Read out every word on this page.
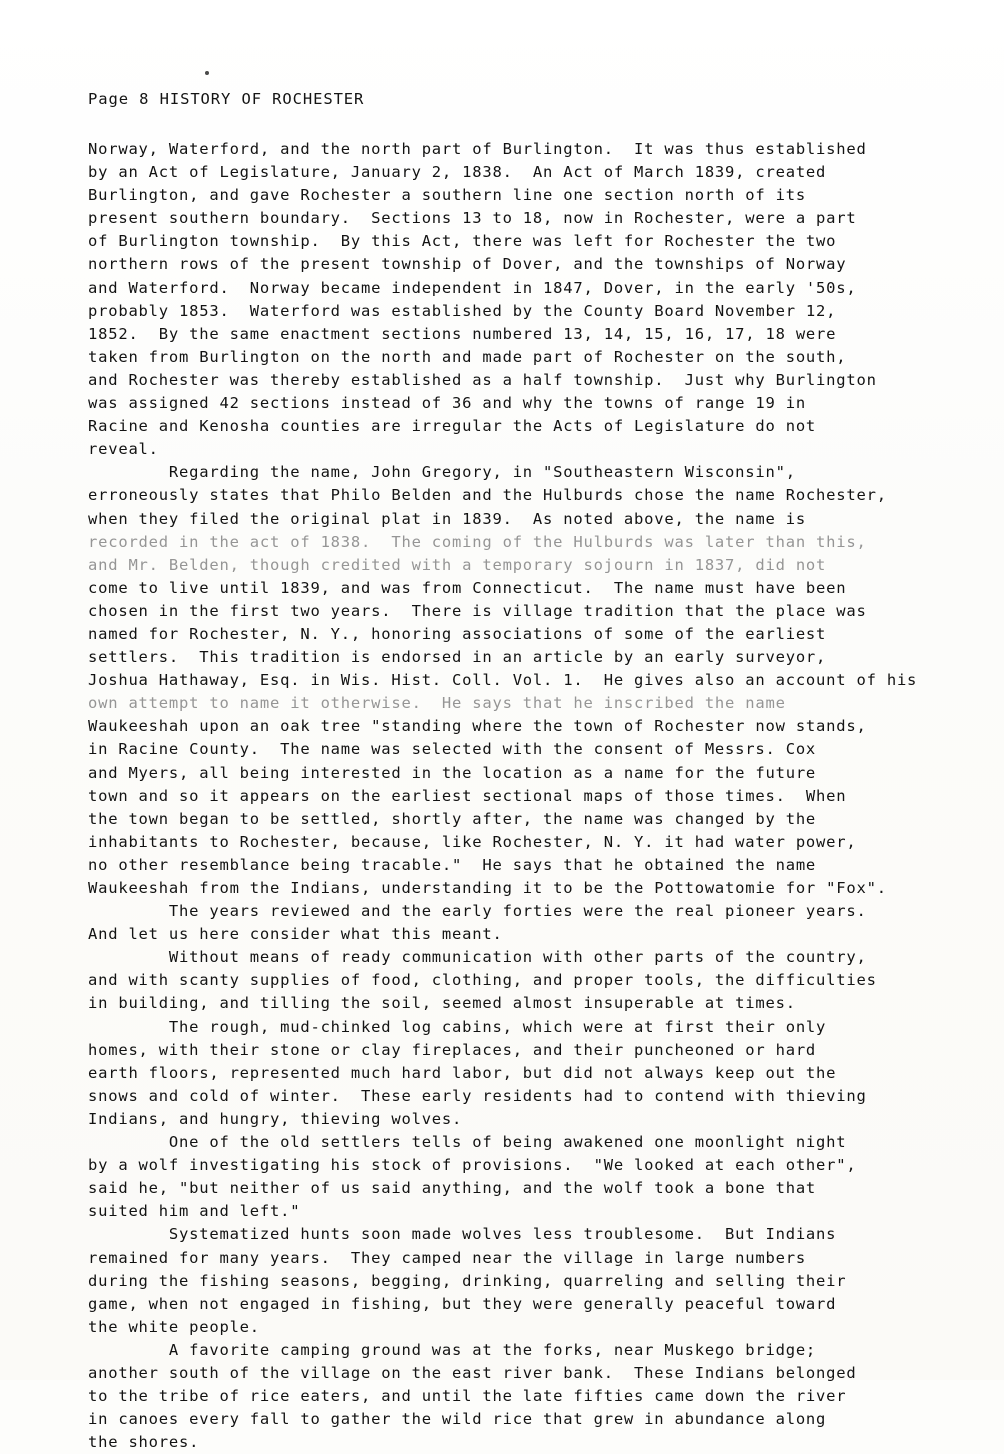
Page 8 HISTORY OF ROCHESTER
Norway, Waterford, and the north part of Burlington.  It was thus established
by an Act of Legislature, January 2, 1838.  An Act of March 1839, created
Burlington, and gave Rochester a southern line one section north of its
present southern boundary.  Sections 13 to 18, now in Rochester, were a part
of Burlington township.  By this Act, there was left for Rochester the two
northern rows of the present township of Dover, and the townships of Norway
and Waterford.  Norway became independent in 1847, Dover, in the early '50s,
probably 1853.  Waterford was established by the County Board November 12,
1852.  By the same enactment sections numbered 13, 14, 15, 16, 17, 18 were
taken from Burlington on the north and made part of Rochester on the south,
and Rochester was thereby established as a half township.  Just why Burlington
was assigned 42 sections instead of 36 and why the towns of range 19 in
Racine and Kenosha counties are irregular the Acts of Legislature do not
reveal.
Regarding the name, John Gregory, in "Southeastern Wisconsin",
erroneously states that Philo Belden and the Hulburds chose the name Rochester,
when they filed the original plat in 1839.  As noted above, the name is
recorded in the act of 1838.  The coming of the Hulburds was later than this,
and Mr. Belden, though credited with a temporary sojourn in 1837, did not
come to live until 1839, and was from Connecticut.  The name must have been
chosen in the first two years.  There is village tradition that the place was
named for Rochester, N. Y., honoring associations of some of the earliest
settlers.  This tradition is endorsed in an article by an early surveyor,
Joshua Hathaway, Esq. in Wis. Hist. Coll. Vol. 1.  He gives also an account of his
own attempt to name it otherwise.  He says that he inscribed the name
Waukeeshah upon an oak tree "standing where the town of Rochester now stands,
in Racine County.  The name was selected with the consent of Messrs. Cox
and Myers, all being interested in the location as a name for the future
town and so it appears on the earliest sectional maps of those times.  When
the town began to be settled, shortly after, the name was changed by the
inhabitants to Rochester, because, like Rochester, N. Y. it had water power,
no other resemblance being tracable."  He says that he obtained the name
Waukeeshah from the Indians, understanding it to be the Pottowatomie for "Fox".
The years reviewed and the early forties were the real pioneer years.
And let us here consider what this meant.
Without means of ready communication with other parts of the country,
and with scanty supplies of food, clothing, and proper tools, the difficulties
in building, and tilling the soil, seemed almost insuperable at times.
The rough, mud-chinked log cabins, which were at first their only
homes, with their stone or clay fireplaces, and their puncheoned or hard
earth floors, represented much hard labor, but did not always keep out the
snows and cold of winter.  These early residents had to contend with thieving
Indians, and hungry, thieving wolves.
One of the old settlers tells of being awakened one moonlight night
by a wolf investigating his stock of provisions.  "We looked at each other",
said he, "but neither of us said anything, and the wolf took a bone that
suited him and left."
Systematized hunts soon made wolves less troublesome.  But Indians
remained for many years.  They camped near the village in large numbers
during the fishing seasons, begging, drinking, quarreling and selling their
game, when not engaged in fishing, but they were generally peaceful toward
the white people.
A favorite camping ground was at the forks, near Muskego bridge;
another south of the village on the east river bank.  These Indians belonged
to the tribe of rice eaters, and until the late fifties came down the river
in canoes every fall to gather the wild rice that grew in abundance along
the shores.
